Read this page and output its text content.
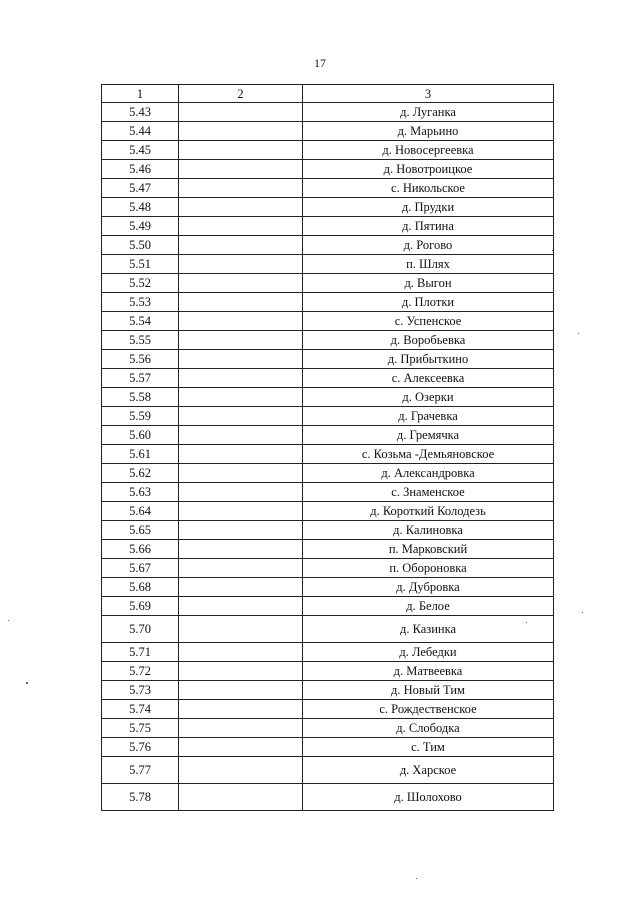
17
1	2	3
5.43		д. Луганка
5.44		д. Марьино
5.45		д. Новосергеевка
5.46		д. Новотроицкое
5.47		с. Никольское
5.48		д. Прудки
5.49		д. Пятина
5.50		д. Рогово
5.51		п. Шлях
5.52		д. Выгон
5.53		д. Плотки
5.54		с. Успенское
5.55		д. Воробьевка
5.56		д. Прибыткино
5.57		с. Алексеевка
5.58		д. Озерки
5.59		д. Грачевка
5.60		д. Гремячка
5.61		с. Козьма -Демьяновское
5.62		д. Александровка
5.63		с. Знаменское
5.64		д. Короткий Колодезь
5.65		д. Калиновка
5.66		п. Марковский
5.67		п. Обороновка
5.68		д. Дубровка
5.69		д. Белое
5.70		д. Казинка
5.71		д. Лебедки
5.72		д. Матвеевка
5.73		д. Новый Тим
5.74		с. Рождественское
5.75		д. Слободка
5.76		с. Тим
5.77		д. Харское
5.78		д. Шолохово
